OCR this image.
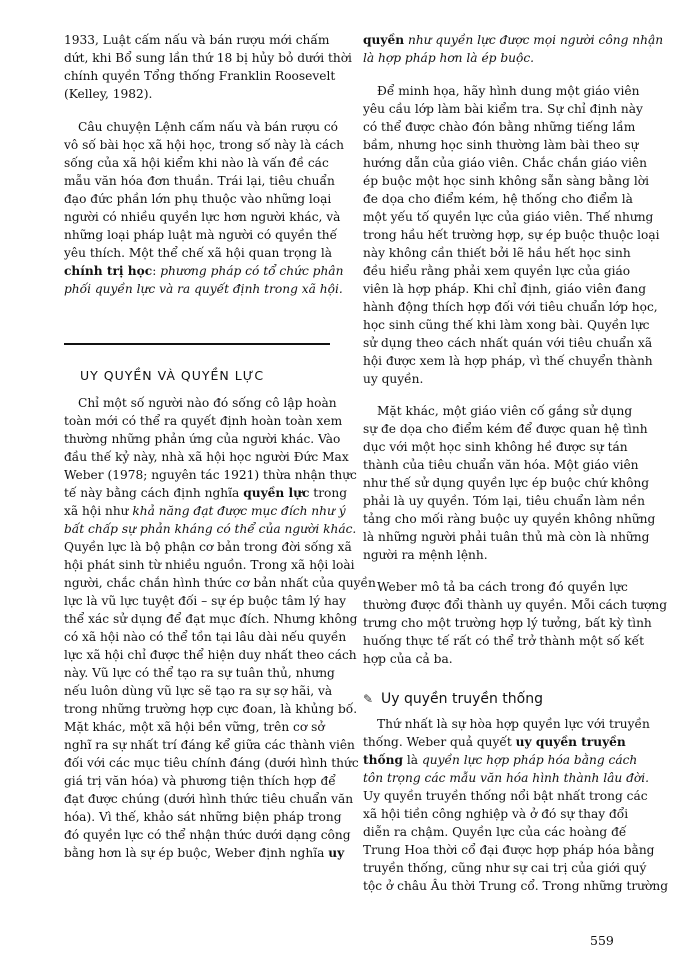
1933, Luật cấm nấu và bán rượu mới chấm
dứt, khi Bổ sung lần thứ 18 bị hủy bỏ dưới thời
chính quyền Tổng thống Franklin Roosevelt
(Kelley, 1982).
Câu chuyện Lệnh cấm nấu và bán rượu có
vô số bài học xã hội học, trong số này là cách
sống của xã hội kiểm khi nào là vấn đề các
mẫu văn hóa đơn thuần. Trái lại, tiêu chuẩn
đạo đức phần lớn phụ thuộc vào những loại
người có nhiều quyền lực hơn người khác, và
những loại pháp luật mà người có quyền thế
yêu thích. Một thể chế xã hội quan trọng là
chính trị học: phương pháp có tổ chức phân
phối quyền lực và ra quyết định trong xã hội.
UY QUYỀN VÀ QUYỀN LỰC
Chỉ một số người nào đó sống cô lập hoàn
toàn mới có thể ra quyết định hoàn toàn xem
thường những phản ứng của người khác. Vào
đầu thế kỷ này, nhà xã hội học người Đức Max
Weber (1978; nguyên tác 1921) thừa nhận thực
tế này bằng cách định nghĩa quyền lực trong
xã hội như khả năng đạt được mục đích như ý
bất chấp sự phản kháng có thể của người khác.
Quyền lực là bộ phận cơ bản trong đời sống xã
hội phát sinh từ nhiều nguồn. Trong xã hội loài
người, chắc chắn hình thức cơ bản nhất của quyền
lực là vũ lực tuyệt đối – sự ép buộc tâm lý hay
thể xác sử dụng để đạt mục đích. Nhưng không
có xã hội nào có thể tồn tại lâu dài nếu quyền
lực xã hội chỉ được thể hiện duy nhất theo cách
này. Vũ lực có thể tạo ra sự tuân thủ, nhưng
nếu luôn dùng vũ lực sẽ tạo ra sự sợ hãi, và
trong những trường hợp cực đoan, là khủng bố.
Mặt khác, một xã hội bền vững, trên cơ sở
nghĩ ra sự nhất trí đáng kể giữa các thành viên
đối với các mục tiêu chính đáng (dưới hình thức
giá trị văn hóa) và phương tiện thích hợp để
đạt được chúng (dưới hình thức tiêu chuẩn văn
hóa). Vì thế, khảo sát những biện pháp trong
đó quyền lực có thể nhận thức dưới dạng công
bằng hơn là sự ép buộc, Weber định nghĩa uy
quyền như quyền lực được mọi người công nhận
là hợp pháp hơn là ép buộc.
Để minh họa, hãy hình dung một giáo viên
yêu cầu lớp làm bài kiểm tra. Sự chỉ định này
có thể được chào đón bằng những tiếng lầm
bầm, nhưng học sinh thường làm bài theo sự
hướng dẫn của giáo viên. Chắc chắn giáo viên
ép buộc một học sinh không sẵn sàng bằng lời
đe dọa cho điểm kém, hệ thống cho điểm là
một yếu tố quyền lực của giáo viên. Thế nhưng
trong hầu hết trường hợp, sự ép buộc thuộc loại
này không cần thiết bởi lẽ hầu hết học sinh
đều hiểu rằng phải xem quyền lực của giáo
viên là hợp pháp. Khi chỉ định, giáo viên đang
hành động thích hợp đối với tiêu chuẩn lớp học,
học sinh cũng thế khi làm xong bài. Quyền lực
sử dụng theo cách nhất quán với tiêu chuẩn xã
hội được xem là hợp pháp, vì thế chuyển thành
uy quyền.
Mặt khác, một giáo viên cố gắng sử dụng
sự đe dọa cho điểm kém để được quan hệ tình
dục với một học sinh không hề được sự tán
thành của tiêu chuẩn văn hóa. Một giáo viên
như thế sử dụng quyền lực ép buộc chứ không
phải là uy quyền. Tóm lại, tiêu chuẩn làm nền
tảng cho mối ràng buộc uy quyền không những
là những người phải tuân thủ mà còn là những
người ra mệnh lệnh.
Weber mô tả ba cách trong đó quyền lực
thường được đổi thành uy quyền. Mỗi cách tượng
trưng cho một trường hợp lý tưởng, bất kỳ tình
huống thực tế rất có thể trở thành một số kết
hợp của cả ba.
✎ Uy quyền truyền thống
Thứ nhất là sự hòa hợp quyền lực với truyền
thống. Weber quả quyết uy quyền truyền
thống là quyền lực hợp pháp hóa bằng cách
tôn trọng các mẫu văn hóa hình thành lâu đời.
Uy quyền truyền thống nổi bật nhất trong các
xã hội tiền công nghiệp và ở đó sự thay đổi
diễn ra chậm. Quyền lực của các hoàng đế
Trung Hoa thời cổ đại được hợp pháp hóa bằng
truyền thống, cũng như sự cai trị của giới quý
tộc ở châu Âu thời Trung cổ. Trong những trường
559
